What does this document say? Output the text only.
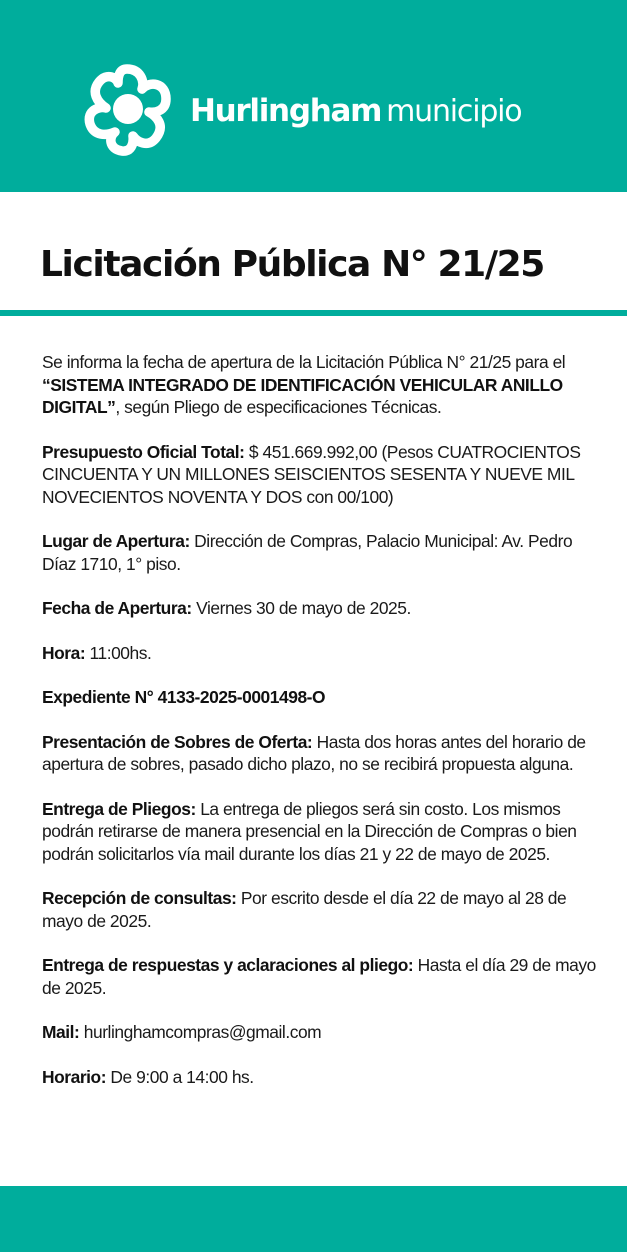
Hurlingham municipio
Licitación Pública N° 21/25

Se informa la fecha de apertura de la Licitación Pública N° 21/25 para el “SISTEMA INTEGRADO DE IDENTIFICACIÓN VEHICULAR ANILLO DIGITAL”, según Pliego de especificaciones Técnicas.

Presupuesto Oficial Total: $ 451.669.992,00 (Pesos CUATROCIENTOS CINCUENTA Y UN MILLONES SEISCIENTOS SESENTA Y NUEVE MIL NOVECIENTOS NOVENTA Y DOS con 00/100)

Lugar de Apertura: Dirección de Compras, Palacio Municipal: Av. Pedro Díaz 1710, 1° piso.

Fecha de Apertura: Viernes 30 de mayo de 2025.

Hora: 11:00hs.

Expediente N° 4133-2025-0001498-O

Presentación de Sobres de Oferta: Hasta dos horas antes del horario de apertura de sobres, pasado dicho plazo, no se recibirá propuesta alguna.

Entrega de Pliegos: La entrega de pliegos será sin costo. Los mismos podrán retirarse de manera presencial en la Dirección de Compras o bien podrán solicitarlos vía mail durante los días 21 y 22 de mayo de 2025.

Recepción de consultas: Por escrito desde el día 22 de mayo al 28 de mayo de 2025.

Entrega de respuestas y aclaraciones al pliego: Hasta el día 29 de mayo de 2025.

Mail: hurlinghamcompras@gmail.com

Horario: De 9:00 a 14:00 hs.
